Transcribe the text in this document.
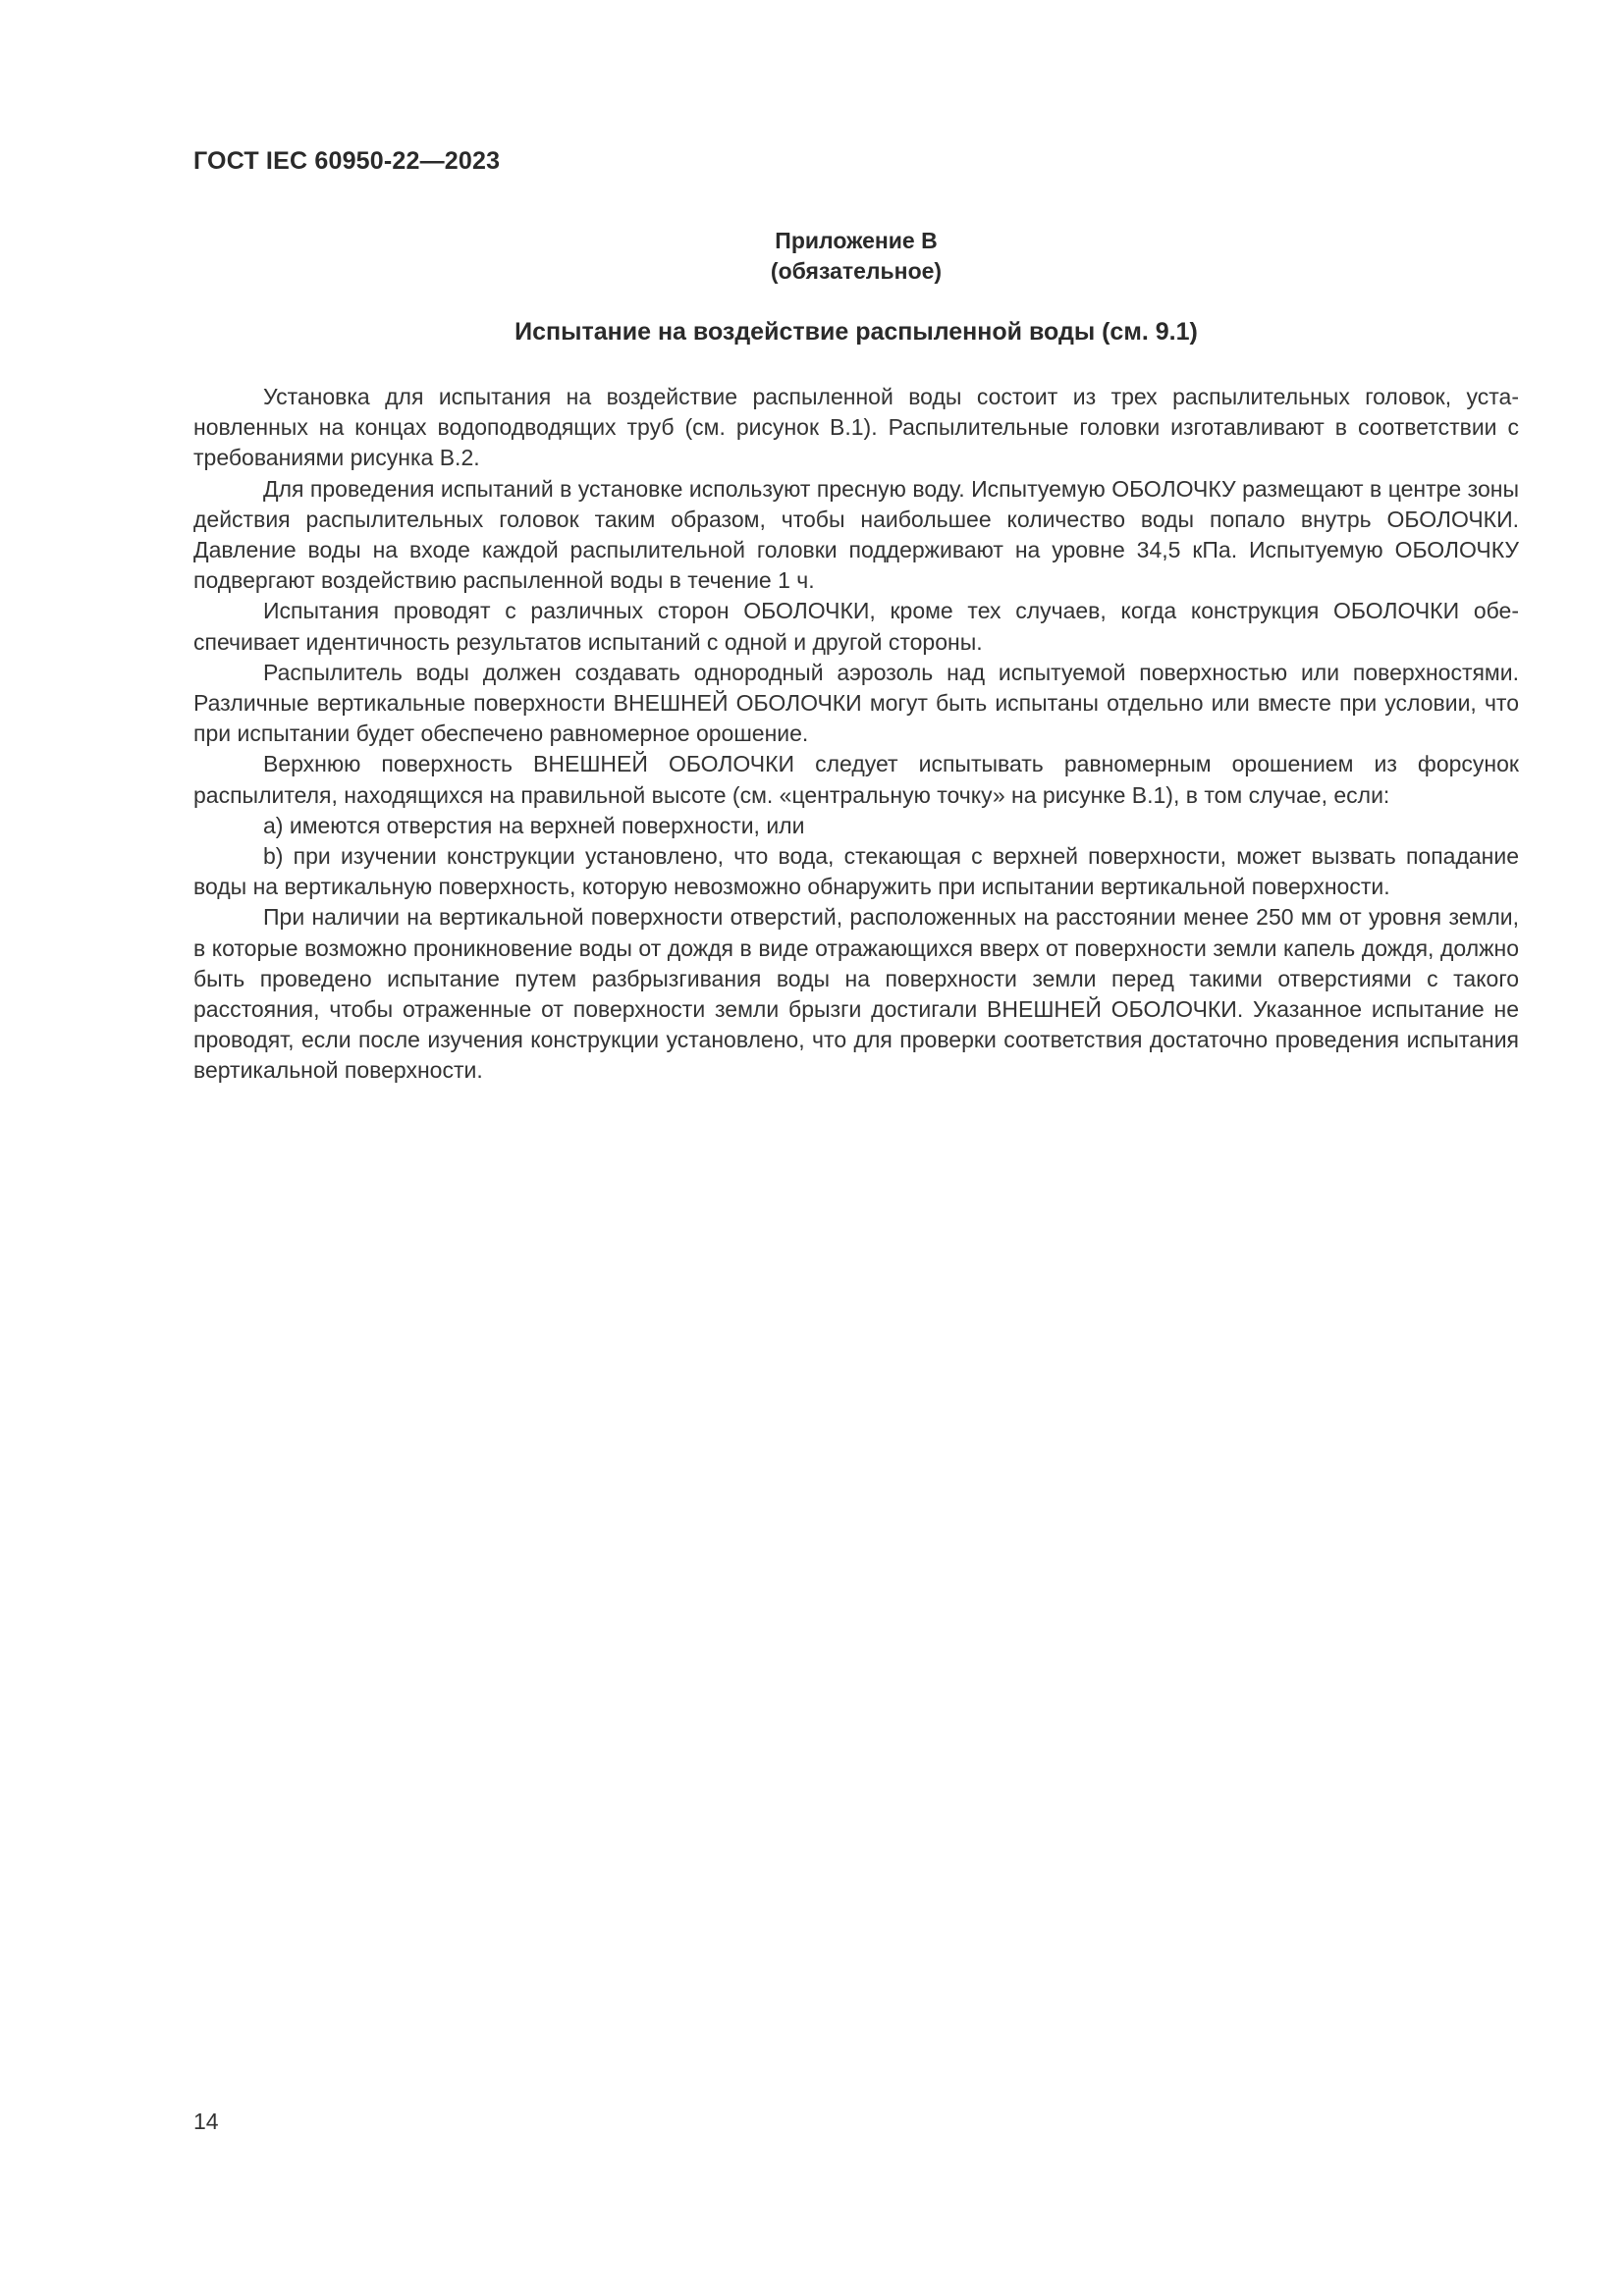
ГОСТ IEC 60950-22—2023
Приложение В
(обязательное)
Испытание на воздействие распыленной воды (см. 9.1)

Установка для испытания на воздействие распыленной воды состоит из трех распылительных головок, установленных на концах водоподводящих труб (см. рисунок В.1). Распылительные головки изготавливают в соответствии с требованиями рисунка В.2.

Для проведения испытаний в установке используют пресную воду. Испытуемую ОБОЛОЧКУ размещают в центре зоны действия распылительных головок таким образом, чтобы наибольшее количество воды попало внутрь ОБОЛОЧКИ. Давление воды на входе каждой распылительной головки поддерживают на уровне 34,5 кПа. Испытуемую ОБОЛОЧКУ подвергают воздействию распыленной воды в течение 1 ч.

Испытания проводят с различных сторон ОБОЛОЧКИ, кроме тех случаев, когда конструкция ОБОЛОЧКИ обеспечивает идентичность результатов испытаний с одной и другой стороны.

Распылитель воды должен создавать однородный аэрозоль над испытуемой поверхностью или поверхностями. Различные вертикальные поверхности ВНЕШНЕЙ ОБОЛОЧКИ могут быть испытаны отдельно или вместе при условии, что при испытании будет обеспечено равномерное орошение.

Верхнюю поверхность ВНЕШНЕЙ ОБОЛОЧКИ следует испытывать равномерным орошением из форсунок распылителя, находящихся на правильной высоте (см. «центральную точку» на рисунке В.1), в том случае, если:

a) имеются отверстия на верхней поверхности, или

b) при изучении конструкции установлено, что вода, стекающая с верхней поверхности, может вызвать попадание воды на вертикальную поверхность, которую невозможно обнаружить при испытании вертикальной поверхности.

При наличии на вертикальной поверхности отверстий, расположенных на расстоянии менее 250 мм от уровня земли, в которые возможно проникновение воды от дождя в виде отражающихся вверх от поверхности земли капель дождя, должно быть проведено испытание путем разбрызгивания воды на поверхности земли перед такими отверстиями с такого расстояния, чтобы отраженные от поверхности земли брызги достигали ВНЕШНЕЙ ОБОЛОЧКИ. Указанное испытание не проводят, если после изучения конструкции установлено, что для проверки соответствия достаточно проведения испытания вертикальной поверхности.

14
